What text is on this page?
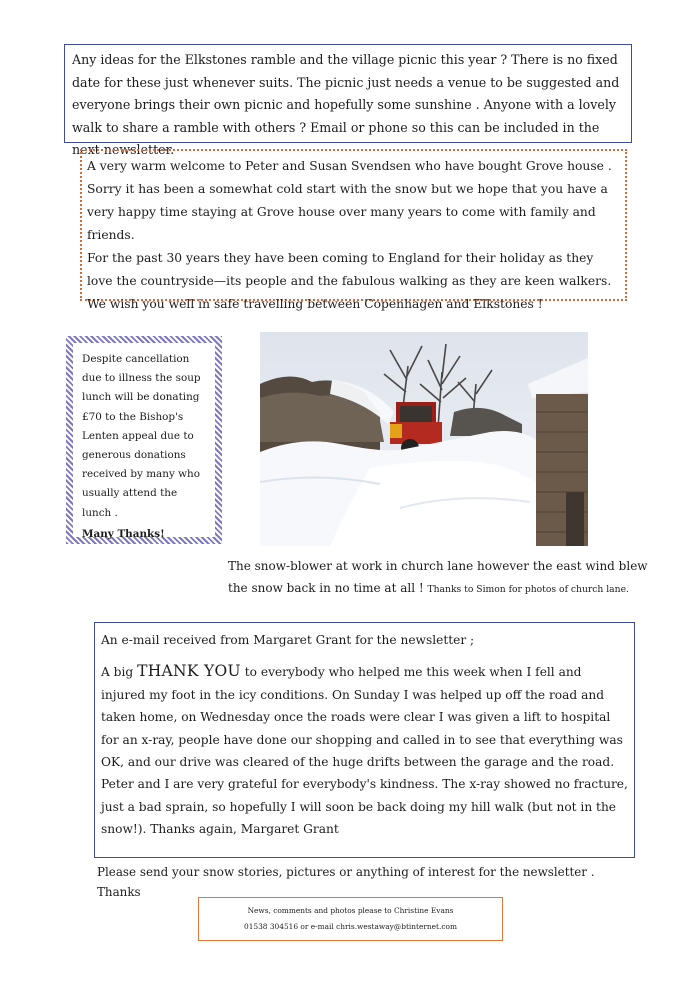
Any ideas for the Elkstones ramble and the village picnic this year ? There is no fixed date for these just whenever suits. The picnic just needs a venue to be suggested and everyone brings their own picnic and hopefully some sunshine . Anyone with a lovely walk to share a ramble with others ? Email or phone so this can be included in the next newsletter.

A very warm welcome to Peter and Susan Svendsen who have bought Grove house .

Sorry it has been a somewhat cold start with the snow but we hope that you have a very happy time staying at Grove house over many years to come with family and friends.

For the past 30 years they have been coming to England for their holiday as they love the countryside—its people and the fabulous walking as they are keen walkers.

We wish you well in safe travelling between Copenhagen and Elkstones !

Despite cancellation due to illness the soup lunch will be donating £70 to the Bishop's Lenten appeal due to generous donations received by many who usually attend the lunch .

Many Thanks!

The snow-blower at work in church lane however the east wind blew the snow back in no time at all ! Thanks to Simon for photos of church lane.

An e-mail received from Margaret Grant for the newsletter ;

A big THANK YOU to everybody who helped me this week when I fell and injured my foot in the icy conditions. On Sunday I was helped up off the road and taken home, on Wednesday once the roads were clear I was given a lift to hospital for an x-ray, people have done our shopping and called in to see that everything was OK, and our drive was cleared of the huge drifts between the garage and the road. Peter and I are very grateful for everybody's kindness. The x-ray showed no fracture, just a bad sprain, so hopefully I will soon be back doing my hill walk (but not in the snow!). Thanks again, Margaret Grant

Please send your snow stories, pictures or anything of interest for the newsletter . Thanks
News, comments and photos please to Christine Evans
01538 304516 or e-mail chris.westaway@btinternet.com
